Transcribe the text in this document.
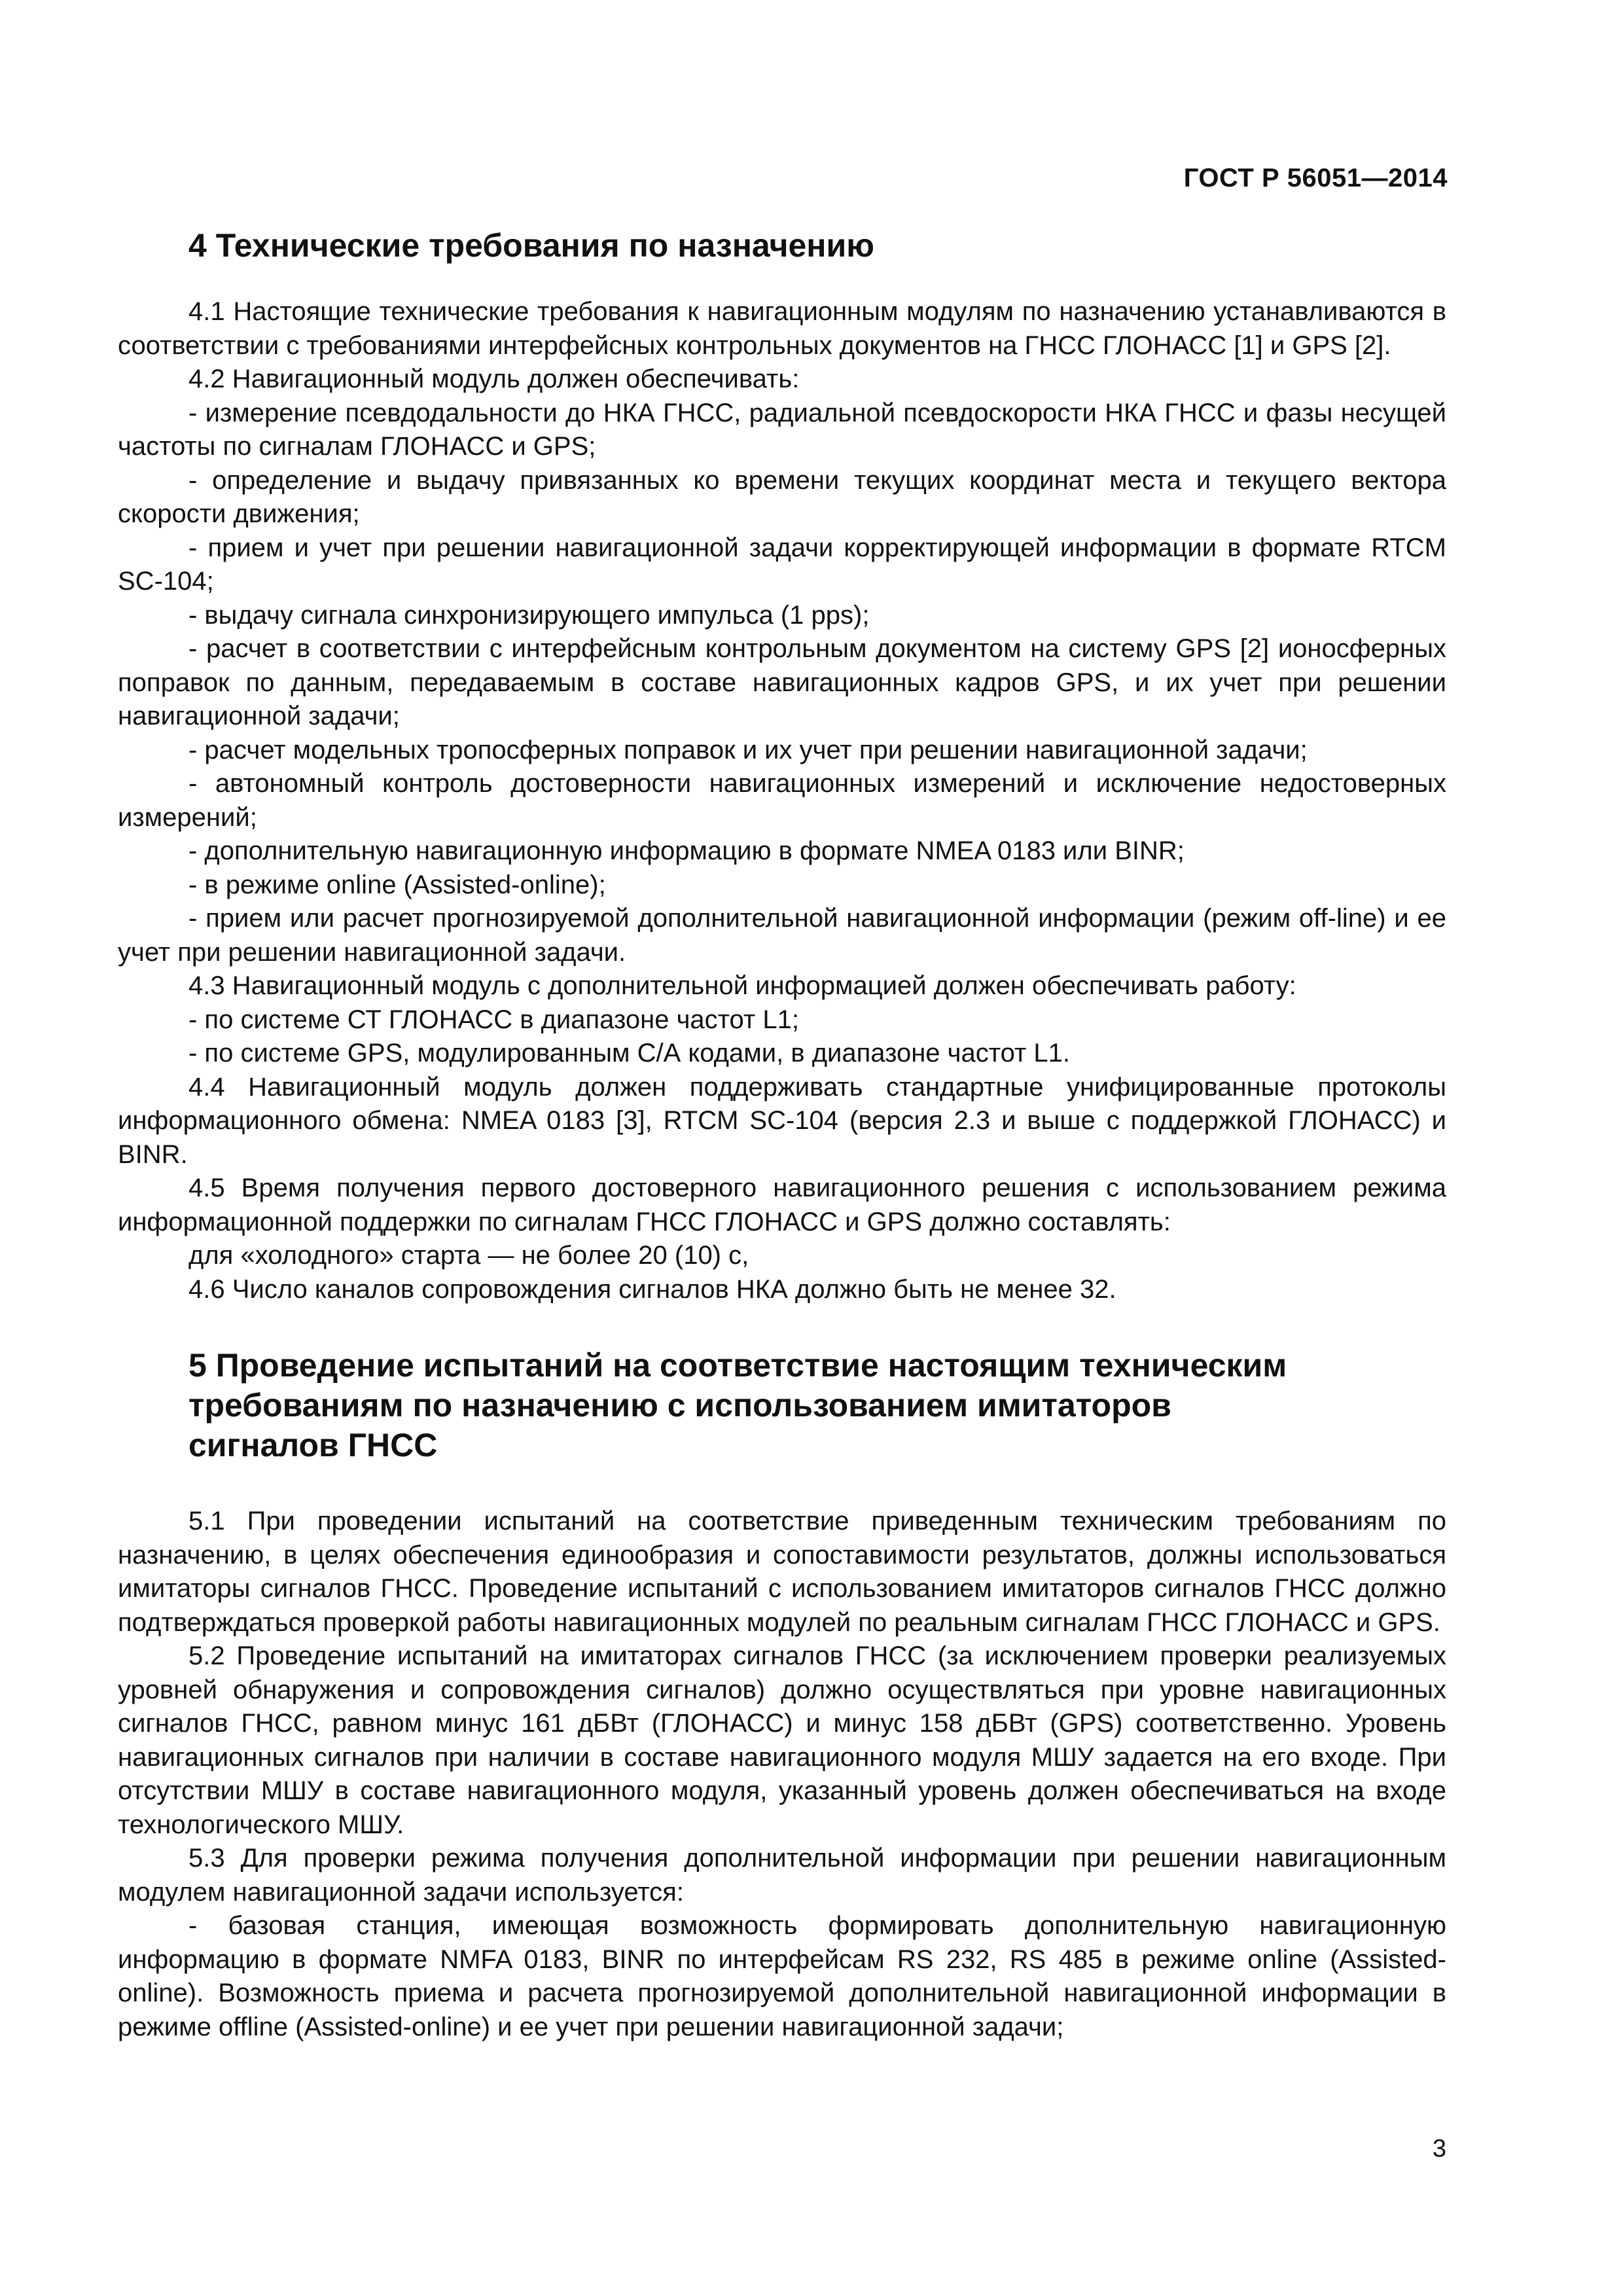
ГОСТ Р 56051—2014
4 Технические требования по назначению

4.1 Настоящие технические требования к навигационным модулям по назначению устанавливаются в соответствии с требованиями интерфейсных контрольных документов на ГНСС ГЛОНАСС [1] и GPS [2].

4.2 Навигационный модуль должен обеспечивать:

- измерение псевдодальности до НКА ГНСС, радиальной псевдоскорости НКА ГНСС и фазы несущей частоты по сигналам ГЛОНАСС и GPS;

- определение и выдачу привязанных ко времени текущих координат места и текущего вектора скорости движения;

- прием и учет при решении навигационной задачи корректирующей информации в формате RTCM SC-104;

- выдачу сигнала синхронизирующего импульса (1 pps);

- расчет в соответствии с интерфейсным контрольным документом на систему GPS [2] ионосферных поправок по данным, передаваемым в составе навигационных кадров GPS, и их учет при решении навигационной задачи;

- расчет модельных тропосферных поправок и их учет при решении навигационной задачи;

- автономный контроль достоверности навигационных измерений и исключение недостоверных измерений;

- дополнительную навигационную информацию в формате NMEA 0183 или BINR;

- в режиме online (Assisted-online);

- прием или расчет прогнозируемой дополнительной навигационной информации (режим off-line) и ее учет при решении навигационной задачи.

4.3 Навигационный модуль с дополнительной информацией должен обеспечивать работу:

- по системе СТ ГЛОНАСС в диапазоне частот L1;

- по системе GPS, модулированным С/А кодами, в диапазоне частот L1.

4.4 Навигационный модуль должен поддерживать стандартные унифицированные протоколы информационного обмена: NMEA 0183 [3], RTCM SC-104 (версия 2.3 и выше с поддержкой ГЛОНАСС) и BINR.

4.5 Время получения первого достоверного навигационного решения с использованием режима информационной поддержки по сигналам ГНСС ГЛОНАСС и GPS должно составлять:

для «холодного» старта — не более 20 (10) с,

4.6 Число каналов сопровождения сигналов НКА должно быть не менее 32.

5 Проведение испытаний на соответствие настоящим техническим
требованиям по назначению с использованием имитаторов
сигналов ГНСС

5.1 При проведении испытаний на соответствие приведенным техническим требованиям по назначению, в целях обеспечения единообразия и сопоставимости результатов, должны использоваться имитаторы сигналов ГНСС. Проведение испытаний с использованием имитаторов сигналов ГНСС должно подтверждаться проверкой работы навигационных модулей по реальным сигналам ГНСС ГЛОНАСС и GPS.

5.2 Проведение испытаний на имитаторах сигналов ГНСС (за исключением проверки реализуемых уровней обнаружения и сопровождения сигналов) должно осуществляться при уровне навигационных сигналов ГНСС, равном минус 161 дБВт (ГЛОНАСС) и минус 158 дБВт (GPS) соответственно. Уровень навигационных сигналов при наличии в составе навигационного модуля МШУ задается на его входе. При отсутствии МШУ в составе навигационного модуля, указанный уровень должен обеспечиваться на входе технологического МШУ.

5.3 Для проверки режима получения дополнительной информации при решении навигационным модулем навигационной задачи используется:

- базовая станция, имеющая возможность формировать дополнительную навигационную информацию в формате NMFA 0183, BINR по интерфейсам RS 232, RS 485 в режиме online (Assisted-online). Возможность приема и расчета прогнозируемой дополнительной навигационной информации в режиме offline (Assisted-online) и ее учет при решении навигационной задачи;

3
